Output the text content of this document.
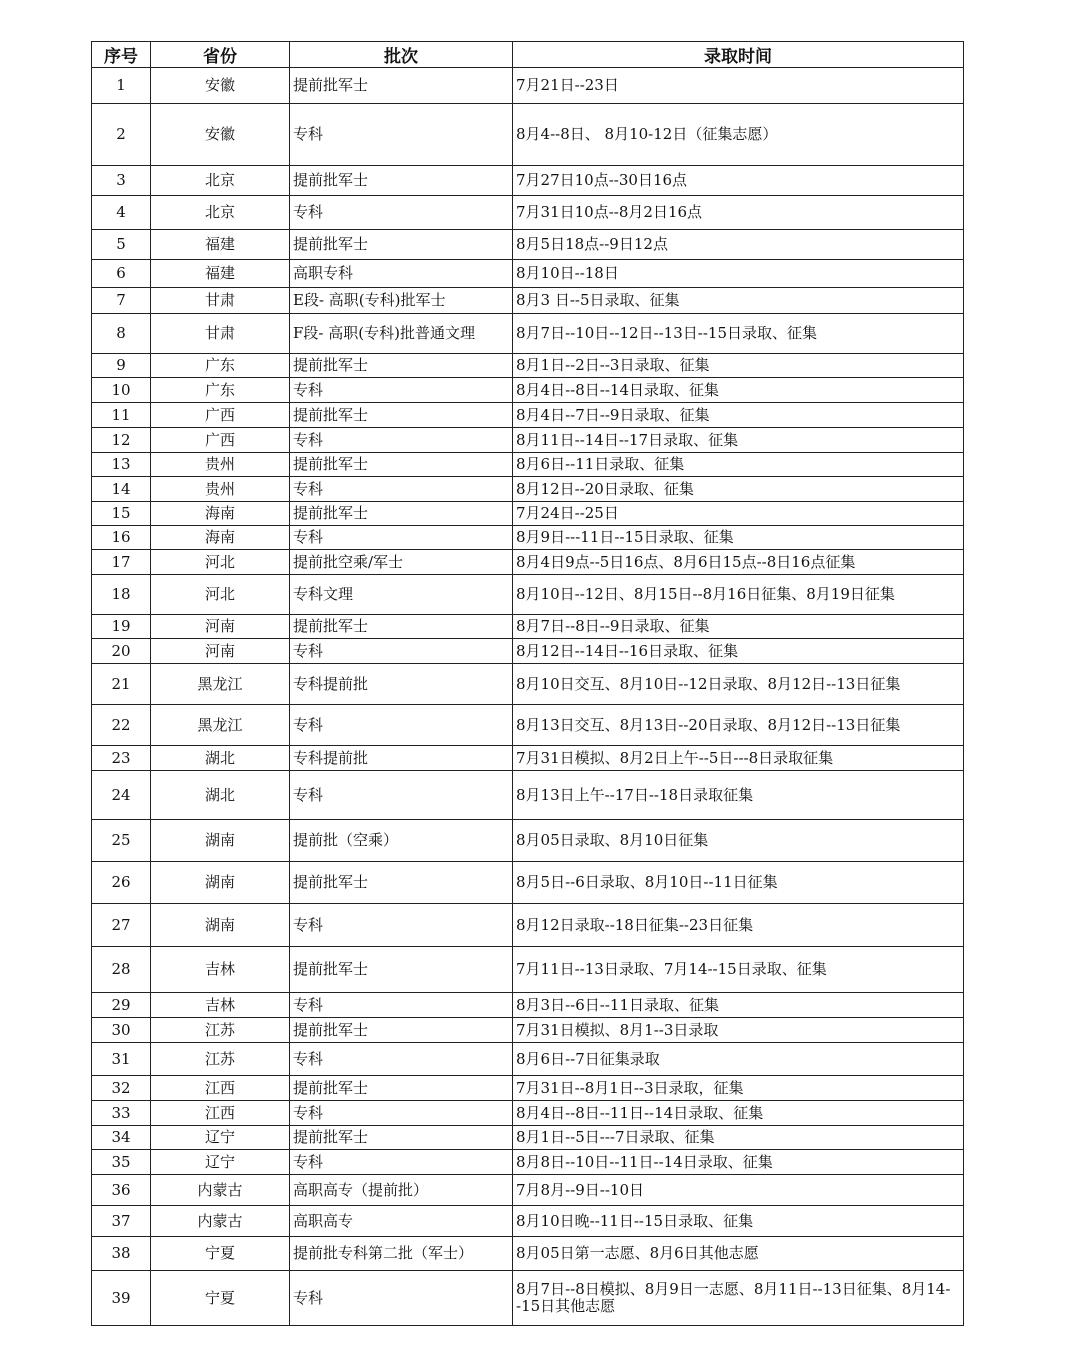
序号	省份	批次	录取时间
1	安徽	提前批军士	7月21日--23日
2	安徽	专科	8月4--8日、 8月10-12日（征集志愿）
3	北京	提前批军士	7月27日10点--30日16点
4	北京	专科	7月31日10点--8月2日16点
5	福建	提前批军士	8月5日18点--9日12点
6	福建	高职专科	8月10日--18日
7	甘肃	E段- 高职(专科)批军士	8月3 日--5日录取、征集
8	甘肃	F段- 高职(专科)批普通文理	8月7日--10日--12日--13日--15日录取、征集
9	广东	提前批军士	8月1日--2日--3日录取、征集
10	广东	专科	8月4日--8日--14日录取、征集
11	广西	提前批军士	8月4日--7日--9日录取、征集
12	广西	专科	8月11日--14日--17日录取、征集
13	贵州	提前批军士	8月6日--11日录取、征集
14	贵州	专科	8月12日--20日录取、征集
15	海南	提前批军士	7月24日--25日
16	海南	专科	8月9日---11日--15日录取、征集
17	河北	提前批空乘/军士	8月4日9点--5日16点、8月6日15点--8日16点征集
18	河北	专科文理	8月10日--12日、8月15日--8月16日征集、8月19日征集
19	河南	提前批军士	8月7日--8日--9日录取、征集
20	河南	专科	8月12日--14日--16日录取、征集
21	黑龙江	专科提前批	8月10日交互、8月10日--12日录取、8月12日--13日征集
22	黑龙江	专科	8月13日交互、8月13日--20日录取、8月12日--13日征集
23	湖北	专科提前批	7月31日模拟、8月2日上午--5日---8日录取征集
24	湖北	专科	8月13日上午--17日--18日录取征集
25	湖南	提前批（空乘）	8月05日录取、8月10日征集
26	湖南	提前批军士	8月5日--6日录取、8月10日--11日征集
27	湖南	专科	8月12日录取--18日征集--23日征集
28	吉林	提前批军士	7月11日--13日录取、7月14--15日录取、征集
29	吉林	专科	8月3日--6日--11日录取、征集
30	江苏	提前批军士	7月31日模拟、8月1--3日录取
31	江苏	专科	8月6日--7日征集录取
32	江西	提前批军士	7月31日--8月1日--3日录取，征集
33	江西	专科	8月4日--8日--11日--14日录取、征集
34	辽宁	提前批军士	8月1日--5日---7日录取、征集
35	辽宁	专科	8月8日--10日--11日--14日录取、征集
36	内蒙古	高职高专（提前批）	7月8月--9日--10日
37	内蒙古	高职高专	8月10日晚--11日--15日录取、征集
38	宁夏	提前批专科第二批（军士）	8月05日第一志愿、8月6日其他志愿
39	宁夏	专科	8月7日--8日模拟、8月9日一志愿、8月11日--13日征集、8月14--15日其他志愿
